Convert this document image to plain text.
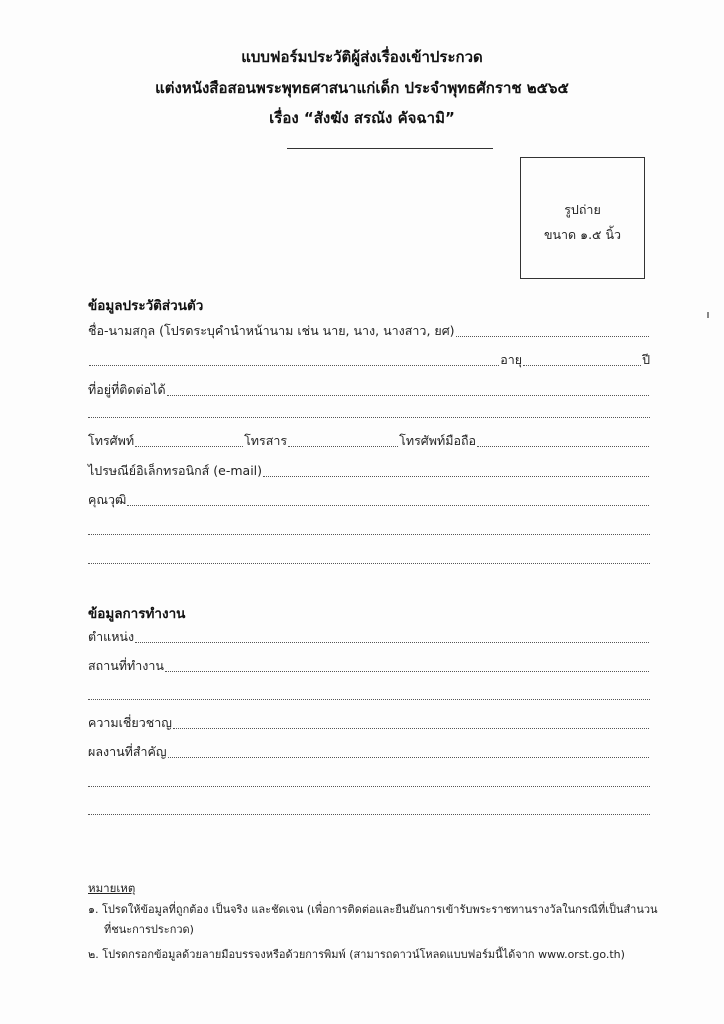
แบบฟอร์มประวัติผู้ส่งเรื่องเข้าประกวด
แต่งหนังสือสอนพระพุทธศาสนาแก่เด็ก ประจำพุทธศักราช ๒๕๖๕
เรื่อง “สังฆัง สรณัง คัจฉามิ”
รูปถ่าย
ขนาด ๑.๕ นิ้ว
ข้อมูลประวัติส่วนตัว
ชื่อ-นามสกุล (โปรดระบุคำนำหน้านาม เช่น นาย, นาง, นางสาว, ยศ)
อายุ	ปี
ที่อยู่ที่ติดต่อได้
โทรศัพท์	โทรสาร	โทรศัพท์มือถือ
ไปรษณีย์อิเล็กทรอนิกส์ (e-mail)
คุณวุฒิ
ข้อมูลการทำงาน
ตำแหน่ง
สถานที่ทำงาน
ความเชี่ยวชาญ
ผลงานที่สำคัญ
หมายเหตุ
๑. โปรดให้ข้อมูลที่ถูกต้อง เป็นจริง และชัดเจน (เพื่อการติดต่อและยืนยันการเข้ารับพระราชทานรางวัลในกรณีที่เป็นสำนวน
ที่ชนะการประกวด)
๒. โปรดกรอกข้อมูลด้วยลายมือบรรจงหรือด้วยการพิมพ์ (สามารถดาวน์โหลดแบบฟอร์มนี้ได้จาก www.orst.go.th)
